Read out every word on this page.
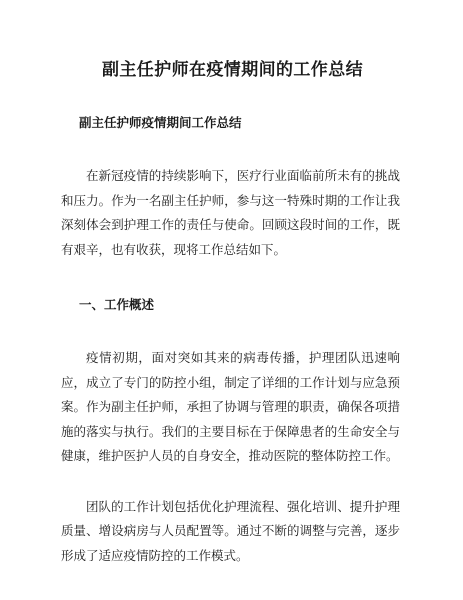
副主任护师在疫情期间的工作总结
副主任护师疫情期间工作总结

在新冠疫情的持续影响下，医疗行业面临前所未有的挑战和压力。作为一名副主任护师，参与这一特殊时期的工作让我深刻体会到护理工作的责任与使命。回顾这段时间的工作，既有艰辛，也有收获，现将工作总结如下。

一、工作概述

疫情初期，面对突如其来的病毒传播，护理团队迅速响应，成立了专门的防控小组，制定了详细的工作计划与应急预案。作为副主任护师，承担了协调与管理的职责，确保各项措施的落实与执行。我们的主要目标在于保障患者的生命安全与健康，维护医护人员的自身安全，推动医院的整体防控工作。

团队的工作计划包括优化护理流程、强化培训、提升护理质量、增设病房与人员配置等。通过不断的调整与完善，逐步形成了适应疫情防控的工作模式。
